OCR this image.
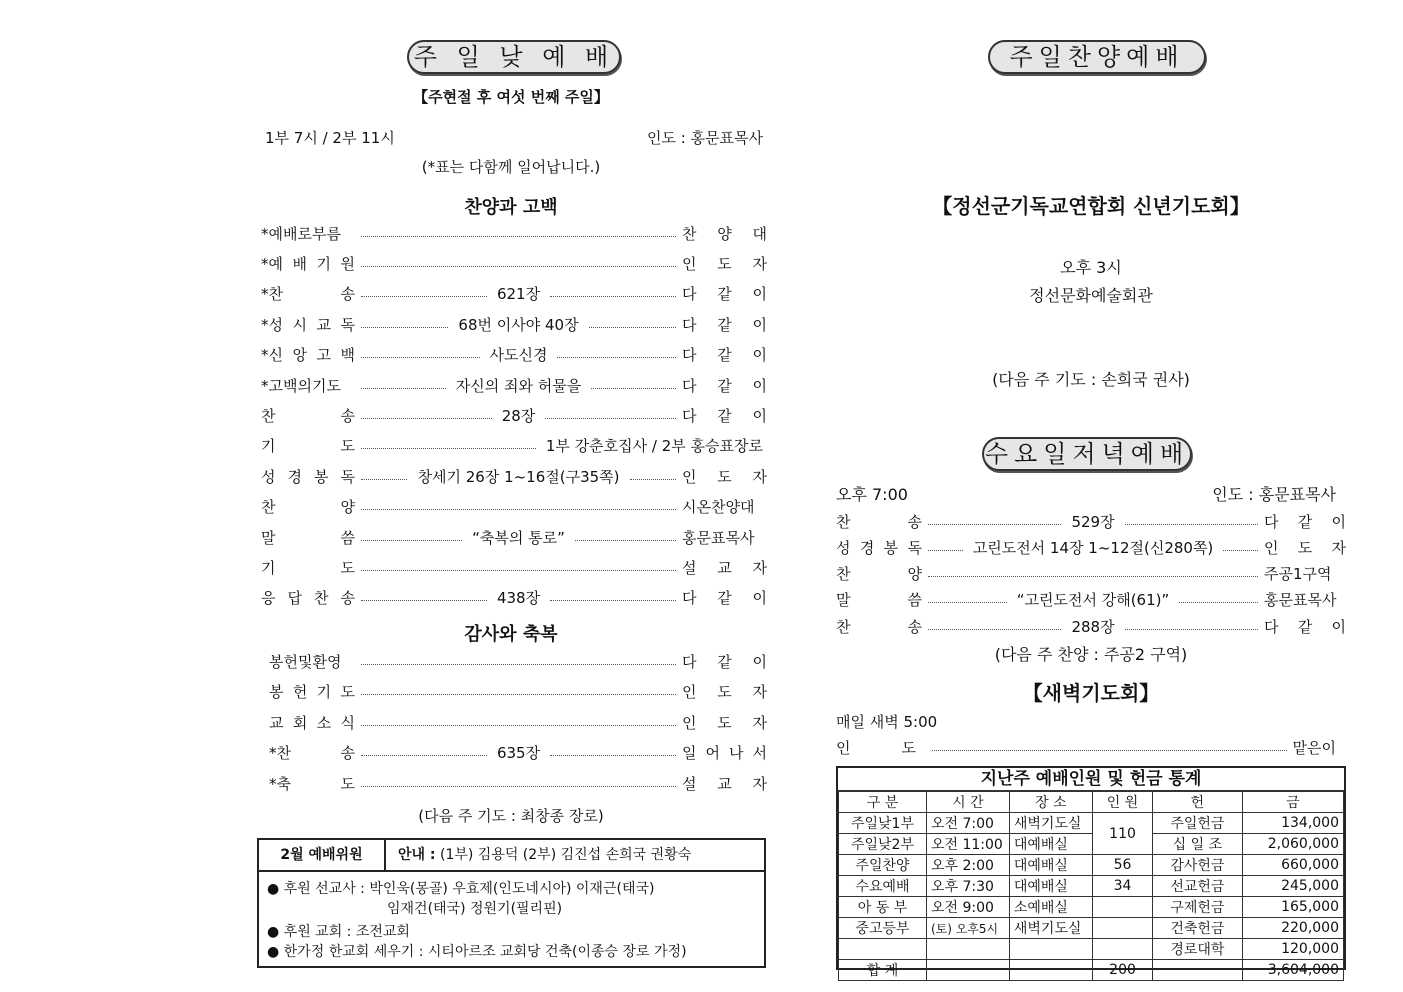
주 일 낮 예 배
【주현절 후 여섯 번째 주일】
1부 7시 / 2부 11시	인도 : 홍문표목사
(*표는 다함께 일어납니다.)
찬양과 고백
*예배로부름	찬 양 대
*예 배 기 원	인 도 자
*찬	송	621장	다 같 이
*성 시 교 독	68번 이사야 40장	다 같 이
*신 앙 고 백	사도신경	다 같 이
*고백의기도	자신의 죄와 허물을	다 같 이
찬	송	28장	다 같 이
기	도	1부 강춘호집사 / 2부 홍승표장로
성 경 봉 독	창세기 26장 1~16절(구35쪽)	인 도 자
찬	양	시온찬양대
말	씀	“축복의 통로”	홍문표목사
기	도	설 교 자
응 답 찬 송	438장	다 같 이
감사와 축복
봉헌및환영	다 같 이
봉 헌 기 도	인 도 자
교 회 소 식	인 도 자
*찬	송	635장	일 어 나 서
*축	도	설 교 자
(다음 주 기도 : 최창종 장로)
2월 예배위원	안내 : (1부) 김용덕 (2부) 김진섭 손희국 권황숙
● 후원 선교사 : 박인욱(몽골) 우효제(인도네시아) 이재근(태국)
임재건(태국) 정원기(필리핀)
● 후원 교회 : 조전교회
● 한가정 한교회 세우기 : 시티아르조 교회당 건축(이종승 장로 가정)
주일찬양예배
【정선군기독교연합회 신년기도회】
오후 3시
정선문화예술회관
(다음 주 기도 : 손희국 권사)
수요일저녁예배
오후 7:00	인도 : 홍문표목사
찬	송	529장	다 같 이
성 경 봉 독	고린도전서 14장 1~12절(신280쪽)	인 도 자
찬	양	주공1구역
말	씀	“고린도전서 강해(61)”	홍문표목사
찬	송	288장	다 같 이
(다음 주 찬양 : 주공2 구역)
【새벽기도회】
매일 새벽 5:00
인	도	맡은이
지난주 예배인원 및 헌금 통계
구 분	시 간	장 소	인 원	헌	금
주일낮1부	오전 7:00	새벽기도실	110	주일헌금	134,000
주일낮2부	오전 11:00	대예배실		십 일 조	2,060,000
주일찬양	오후 2:00	대예배실	56	감사헌금	660,000
수요예배	오후 7:30	대예배실	34	선교헌금	245,000
아 동 부	오전 9:00	소예배실		구제헌금	165,000
중고등부	(토) 오후5시	새벽기도실		건축헌금	220,000
				경로대학	120,000
합 계			200		3,604,000
